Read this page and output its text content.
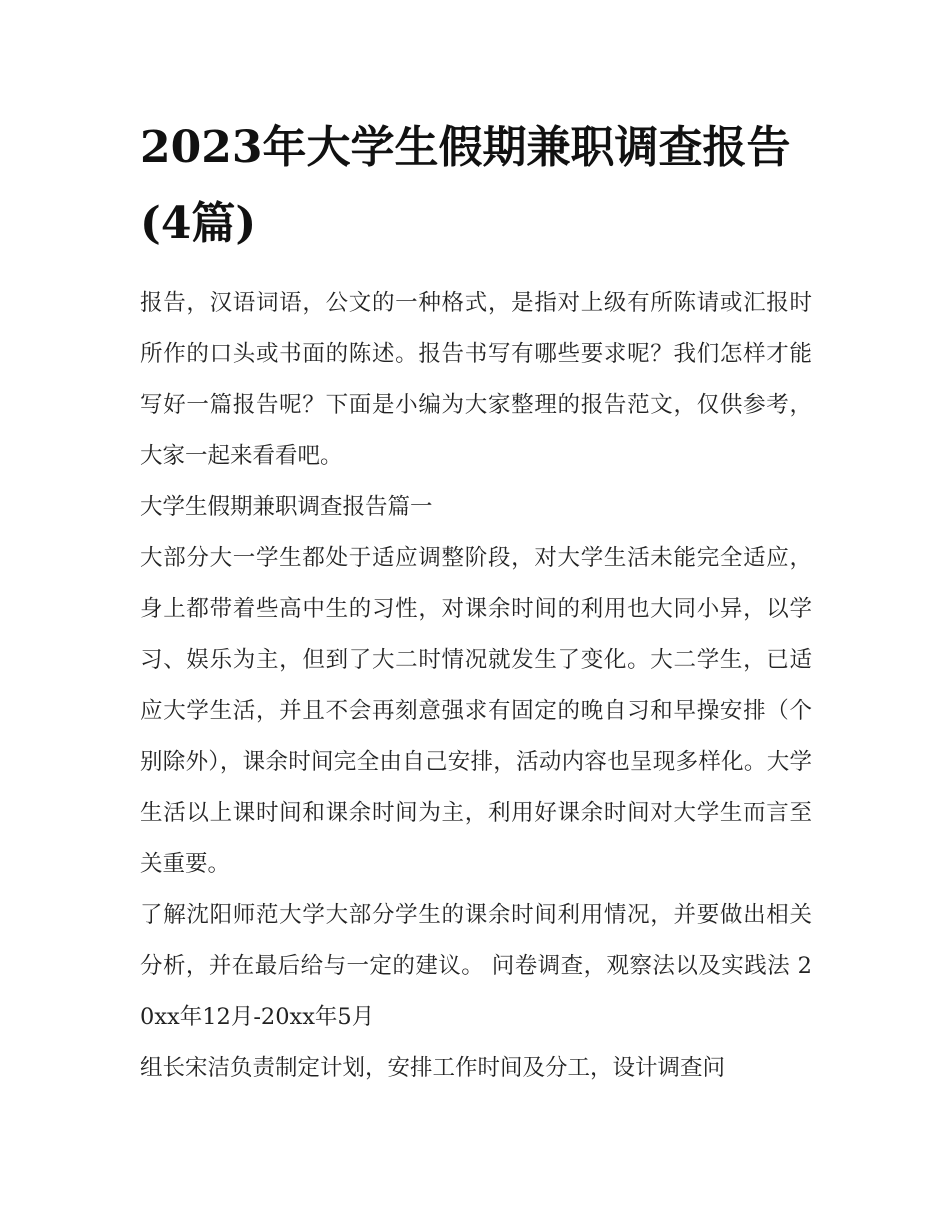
2023年大学生假期兼职调查报告(4篇)

报告，汉语词语，公文的一种格式，是指对上级有所陈请或汇报时所作的口头或书面的陈述。报告书写有哪些要求呢？我们怎样才能写好一篇报告呢？下面是小编为大家整理的报告范文，仅供参考，大家一起来看看吧。

大学生假期兼职调查报告篇一

大部分大一学生都处于适应调整阶段，对大学生活未能完全适应，身上都带着些高中生的习性，对课余时间的利用也大同小异，以学习、娱乐为主，但到了大二时情况就发生了变化。大二学生，已适应大学生活，并且不会再刻意强求有固定的晚自习和早操安排（个别除外），课余时间完全由自己安排，活动内容也呈现多样化。大学生活以上课时间和课余时间为主，利用好课余时间对大学生而言至关重要。

了解沈阳师范大学大部分学生的课余时间利用情况，并要做出相关分析，并在最后给与一定的建议。 问卷调查，观察法以及实践法 20xx年12月-20xx年5月

组长宋洁负责制定计划，安排工作时间及分工，设计调查问
